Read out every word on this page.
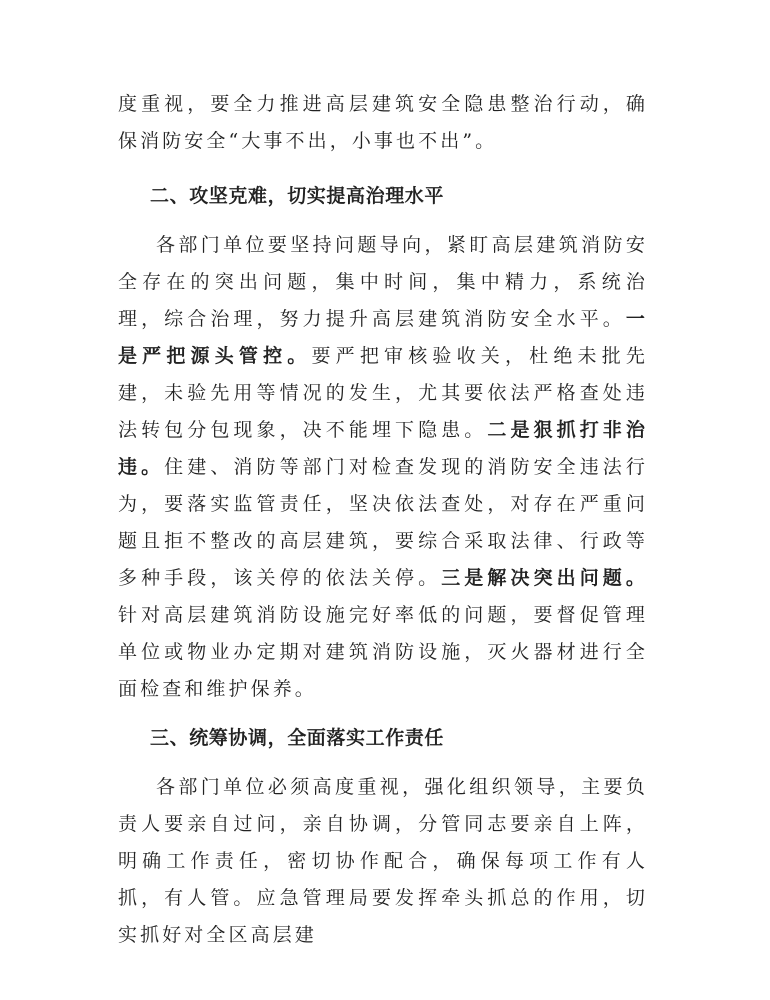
度重视，要全力推进高层建筑安全隐患整治行动，确保消防安全“大事不出，小事也不出”。

二、攻坚克难，切实提高治理水平

各部门单位要坚持问题导向，紧盯高层建筑消防安全存在的突出问题，集中时间，集中精力，系统治理，综合治理，努力提升高层建筑消防安全水平。一是严把源头管控。要严把审核验收关，杜绝未批先建，未验先用等情况的发生，尤其要依法严格查处违法转包分包现象，决不能埋下隐患。二是狠抓打非治违。住建、消防等部门对检查发现的消防安全违法行为，要落实监管责任，坚决依法查处，对存在严重问题且拒不整改的高层建筑，要综合采取法律、行政等多种手段，该关停的依法关停。三是解决突出问题。针对高层建筑消防设施完好率低的问题，要督促管理单位或物业办定期对建筑消防设施，灭火器材进行全面检查和维护保养。

三、统筹协调，全面落实工作责任

各部门单位必须高度重视，强化组织领导，主要负责人要亲自过问，亲自协调，分管同志要亲自上阵，明确工作责任，密切协作配合，确保每项工作有人抓，有人管。应急管理局要发挥牵头抓总的作用，切实抓好对全区高层建
